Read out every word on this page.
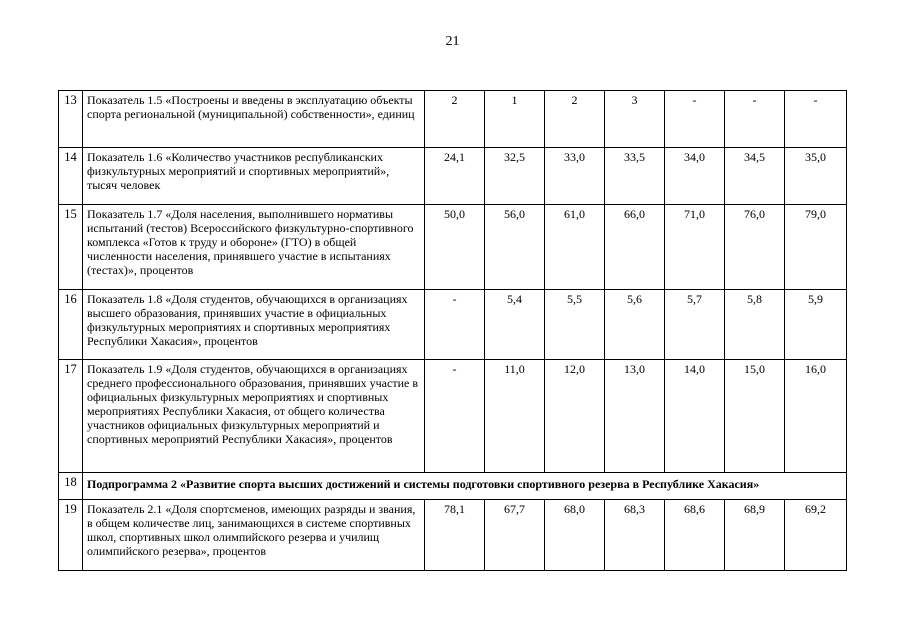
21
13	Показатель 1.5 «Построены и введены в эксплуатацию объекты спорта региональной (муниципальной) собственности», единиц	2	1	2	3	-	-	-
14	Показатель 1.6 «Количество участников республиканских физкультурных мероприятий и спортивных мероприятий», тысяч человек	24,1	32,5	33,0	33,5	34,0	34,5	35,0
15	Показатель 1.7 «Доля населения, выполнившего нормативы испытаний (тестов) Всероссийского физкультурно-спортивного комплекса «Готов к труду и обороне» (ГТО) в общей численности населения, принявшего участие в испытаниях (тестах)», процентов	50,0	56,0	61,0	66,0	71,0	76,0	79,0
16	Показатель 1.8 «Доля студентов, обучающихся в организациях высшего образования, принявших участие в официальных физкультурных мероприятиях и спортивных мероприятиях Республики Хакасия», процентов	-	5,4	5,5	5,6	5,7	5,8	5,9
17	Показатель 1.9 «Доля студентов, обучающихся в организациях среднего профессионального образования, принявших участие в официальных физкультурных мероприятиях и спортивных мероприятиях Республики Хакасия, от общего количества участников официальных физкультурных мероприятий и спортивных мероприятий Республики Хакасия», процентов	-	11,0	12,0	13,0	14,0	15,0	16,0
18	Подпрограмма 2 «Развитие спорта высших достижений и системы подготовки спортивного резерва в Республике Хакасия»							
19	Показатель 2.1 «Доля спортсменов, имеющих разряды и звания, в общем количестве лиц, занимающихся в системе спортивных школ, спортивных школ олимпийского резерва и училищ олимпийского резерва», процентов	78,1	67,7	68,0	68,3	68,6	68,9	69,2
